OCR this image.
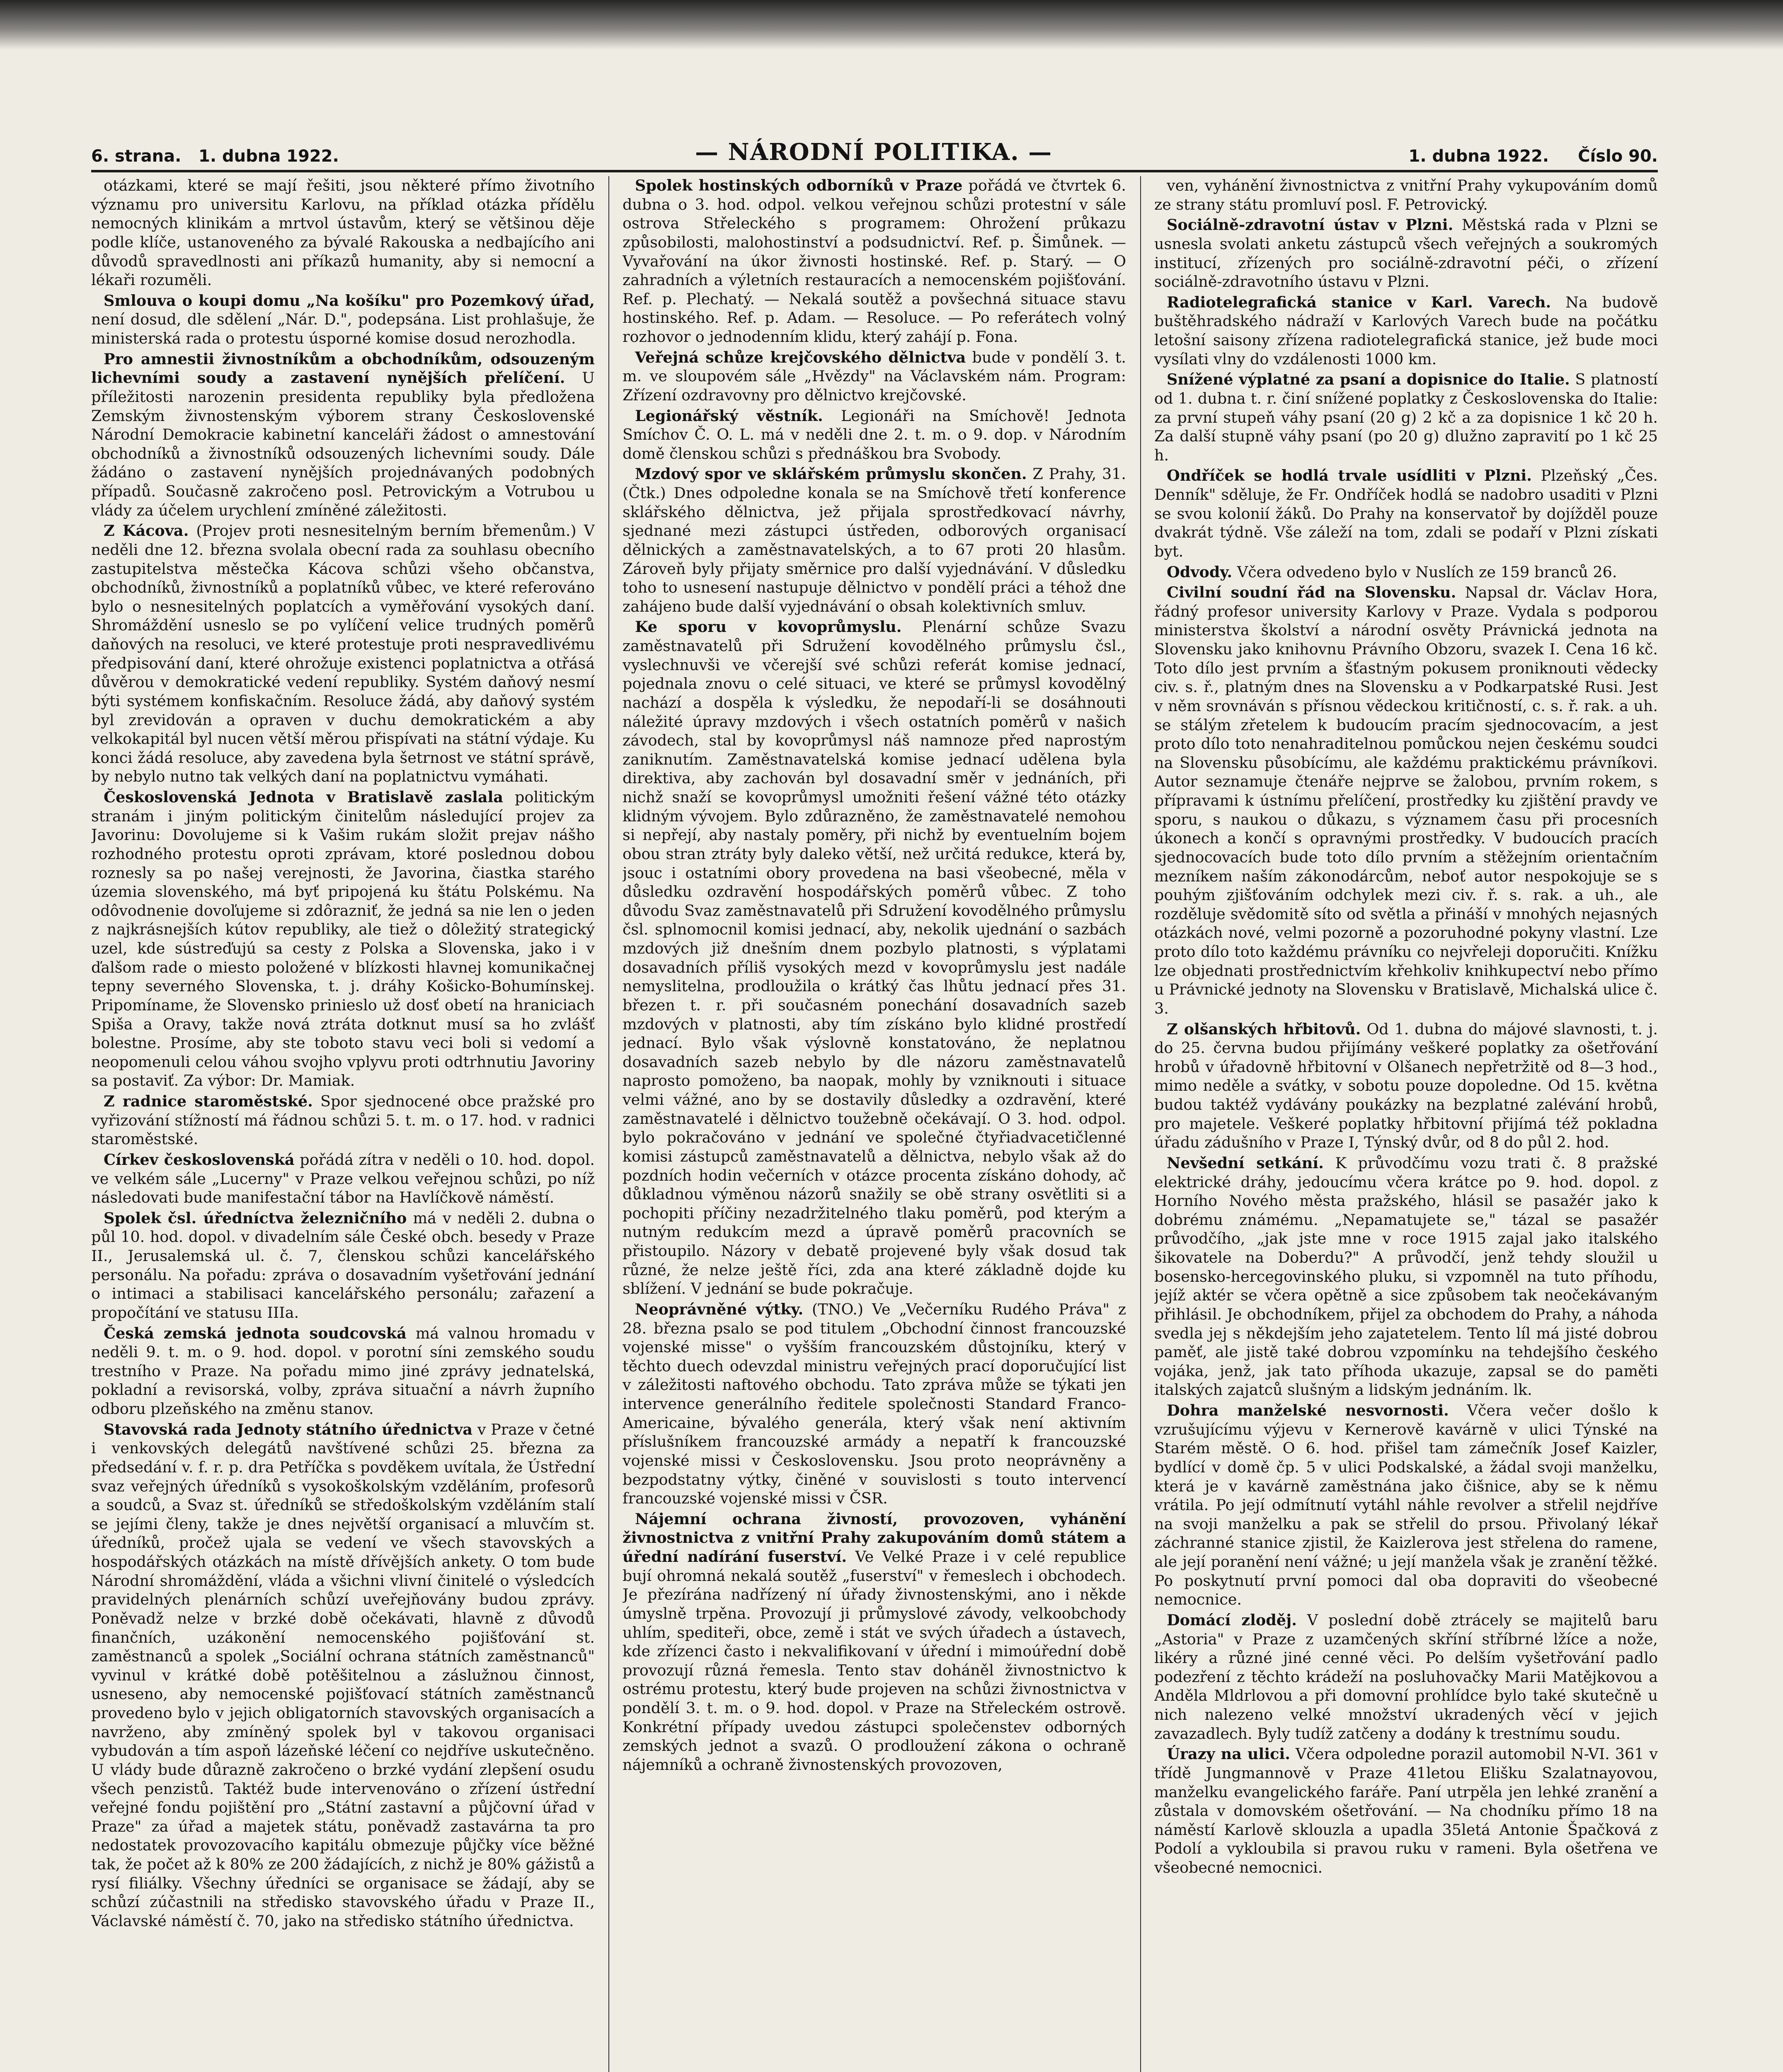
6. strana. 1. dubna 1922.	— NÁRODNÍ POLITIKA. —	1. dubna 1922. Číslo 90.

otázkami, které se mají řešiti, jsou některé přímo životního významu pro universitu Karlovu, na příklad otázka přídělu nemocných klinikám a mrtvol ústavům, který se většinou děje podle klíče, ustanoveného za bývalé Rakouska a nedbajícího ani důvodů spravedlnosti ani příkazů humanity, aby si nemocní a lékaři rozuměli.

Smlouva o koupi domu „Na košíku" pro Pozemkový úřad, není dosud, dle sdělení „Nár. D.", podepsána. List prohlašuje, že ministerská rada o protestu úsporné komise dosud nerozhodla.

Pro amnestii živnostníkům a obchodníkům, odsouzeným lichevními soudy a zastavení nynějších přelíčení. U příležitosti narozenin presidenta republiky byla předložena Zemským živnostenským výborem strany Československé Národní Demokracie kabinetní kanceláři žádost o amnestování obchodníků a živnostníků odsouzených lichevními soudy. Dále žádáno o zastavení nynějších projednávaných podobných případů. Současně zakročeno posl. Petrovickým a Votrubou u vlády za účelem urychlení zmíněné záležitosti.

Z Kácova. (Projev proti nesnesitelným berním břemenům.) V neděli dne 12. března svolala obecní rada za souhlasu obecního zastupitelstva městečka Kácova schůzi všeho občanstva, obchodníků, živnostníků a poplatníků vůbec, ve které referováno bylo o nesnesitelných poplatcích a vyměřování vysokých daní. Shromáždění usneslo se po vylíčení velice trudných poměrů daňových na resoluci, ve které protestuje proti nespravedlivému předpisování daní, které ohrožuje existenci poplatnictva a otřásá důvěrou v demokratické vedení republiky. Systém daňový nesmí býti systémem konfiskačním. Resoluce žádá, aby daňový systém byl zrevidován a opraven v duchu demokratickém a aby velkokapitál byl nucen větší měrou přispívati na státní výdaje. Ku konci žádá resoluce, aby zavedena byla šetrnost ve státní správě, by nebylo nutno tak velkých daní na poplatnictvu vymáhati.

Československá Jednota v Bratislavě zaslala politickým stranám i jiným politickým činitelům následující projev za Javorinu: Dovolujeme si k Vašim rukám složit prejav nášho rozhodného protestu oproti zprávam, ktoré poslednou dobou roznesly sa po našej verejnosti, že Javorina, čiastka starého územia slovenského, má byť pripojená ku štátu Polskému. Na odôvodnenie dovoľujeme si zdôrazniť, že jedná sa nie len o jeden z najkrásnejších kútov republiky, ale tiež o dôležitý strategický uzel, kde sústreďujú sa cesty z Polska a Slovenska, jako i v ďalšom rade o miesto položené v blízkosti hlavnej komunikačnej tepny severného Slovenska, t. j. dráhy Košicko-Bohumínskej. Pripomíname, že Slovensko prinieslo už dosť obetí na hraniciach Spiša a Oravy, takže nová ztráta dotknut musí sa ho zvlášť bolestne. Prosíme, aby ste toboto stavu veci boli si vedomí a neopomenuli celou váhou svojho vplyvu proti odtrhnutiu Javoriny sa postaviť. Za výbor: Dr. Mamiak.

Z radnice staroměstské. Spor sjednocené obce pražské pro vyřizování stížností má řádnou schůzi 5. t. m. o 17. hod. v radnici staroměstské.

Církev československá pořádá zítra v neděli o 10. hod. dopol. ve velkém sále „Lucerny" v Praze velkou veřejnou schůzi, po níž následovati bude manifestační tábor na Havlíčkově náměstí.

Spolek čsl. úředníctva železničního má v neděli 2. dubna o půl 10. hod. dopol. v divadelním sále České obch. besedy v Praze II., Jerusalemská ul. č. 7, členskou schůzi kancelářského personálu. Na pořadu: zpráva o dosavadním vyšetřování jednání o intimaci a stabilisaci kancelářského personálu; zařazení a propočítání ve statusu IIIa.

Česká zemská jednota soudcovská má valnou hromadu v neděli 9. t. m. o 9. hod. dopol. v porotní síni zemského soudu trestního v Praze. Na pořadu mimo jiné zprávy jednatelská, pokladní a revisorská, volby, zpráva situační a návrh župního odboru plzeňského na změnu stanov.

Stavovská rada Jednoty státního úřednictva v Praze v četné i venkovských delegátů navštívené schůzi 25. března za předsedání v. f. r. p. dra Petříčka s povděkem uvítala, že Ústřední svaz veřejných úředníků s vysokoškolským vzděláním, profesorů a soudců, a Svaz st. úředníků se středoškolským vzděláním stalí se jejími členy, takže je dnes největší organisací a mluvčím st. úředníků, pročež ujala se vedení ve všech stavovských a hospodářských otázkách na místě dřívějších ankety. O tom bude Národní shromáždění, vláda a všichni vlivní činitelé o výsledcích pravidelných plenárních schůzí uveřejňovány budou zprávy. Poněvadž nelze v brzké době očekávati, hlavně z důvodů finančních, uzákonění nemocenského pojišťování st. zaměstnanců a spolek „Sociální ochrana státních zaměstnanců" vyvinul v krátké době potěšitelnou a záslužnou činnost, usneseno, aby nemocenské pojišťovací státních zaměstnanců provedeno bylo v jejich obligatorních stavovských organisacích a navrženo, aby zmíněný spolek byl v takovou organisaci vybudován a tím aspoň lázeňské léčení co nejdříve uskutečněno. U vlády bude důrazně zakročeno o brzké vydání zlepšení osudu všech penzistů. Taktéž bude intervenováno o zřízení ústřední veřejné fondu pojištění pro „Státní zastavní a půjčovní úřad v Praze" za úřad a majetek státu, poněvadž zastavárna ta pro nedostatek provozovacího kapitálu obmezuje půjčky více běžné tak, že počet až k 80% ze 200 žádajících, z nichž je 80% gážistů a rysí filiálky. Všechny úředníci se organisace se žádají, aby se schůzí zúčastnili na středisko stavovského úřadu v Praze II., Václavské náměstí č. 70, jako na středisko státního úřednictva.

Spolek hostinských odborníků v Praze pořádá ve čtvrtek 6. dubna o 3. hod. odpol. velkou veřejnou schůzi protestní v sále ostrova Střeleckého s programem: Ohrožení průkazu způsobilosti, malohostinství a podsudnictví. Ref. p. Šimůnek. — Vyvařování na úkor živnosti hostinské. Ref. p. Starý. — O zahradních a výletních restauracích a nemocenském pojišťování. Ref. p. Plechatý. — Nekalá soutěž a povšechná situace stavu hostinského. Ref. p. Adam. — Resoluce. — Po referátech volný rozhovor o jednodenním klidu, který zahájí p. Fona.

Veřejná schůze krejčovského dělnictva bude v pondělí 3. t. m. ve sloupovém sále „Hvězdy" na Václavském nám. Program: Zřízení ozdravovny pro dělnictvo krejčovské.

Legionářský věstník. Legionáři na Smíchově! Jednota Smíchov Č. O. L. má v neděli dne 2. t. m. o 9. dop. v Národním domě členskou schůzi s přednáškou bra Svobody.

Mzdový spor ve sklářském průmyslu skončen. Z Prahy, 31. (Čtk.) Dnes odpoledne konala se na Smíchově třetí konference sklářského dělnictva, jež přijala sprostředkovací návrhy, sjednané mezi zástupci ústředen, odborových organisací dělnických a zaměstnavatelských, a to 67 proti 20 hlasům. Zároveň byly přijaty směrnice pro další vyjednávání. V důsledku toho to usnesení nastupuje dělnictvo v pondělí práci a téhož dne zahájeno bude další vyjednávání o obsah kolektivních smluv.

Ke sporu v kovoprůmyslu. Plenární schůze Svazu zaměstnavatelů při Sdružení kovodělného průmyslu čsl., vyslechnuvši ve včerejší své schůzi referát komise jednací, pojednala znovu o celé situaci, ve které se průmysl kovodělný nachází a dospěla k výsledku, že nepodaří-li se dosáhnouti náležité úpravy mzdových i všech ostatních poměrů v našich závodech, stal by kovoprůmysl náš namnoze před naprostým zaniknutím. Zaměstnavatelská komise jednací udělena byla direktiva, aby zachován byl dosavadní směr v jednáních, při nichž snaží se kovoprůmysl umožniti řešení vážné této otázky klidným vývojem. Bylo zdůrazněno, že zaměstnavatelé nemohou si nepřejí, aby nastaly poměry, při nichž by eventuelním bojem obou stran ztráty byly daleko větší, než určitá redukce, která by, jsouc i ostatními obory provedena na basi všeobecné, měla v důsledku ozdravění hospodářských poměrů vůbec. Z toho důvodu Svaz zaměstnavatelů při Sdružení kovodělného průmyslu čsl. splnomocnil komisi jednací, aby, nekolik ujednání o sazbách mzdových již dnešním dnem pozbylo platnosti, s výplatami dosavadních příliš vysokých mezd v kovoprůmyslu jest nadále nemyslitelna, prodloužila o krátký čas lhůtu jednací přes 31. březen t. r. při současném ponechání dosavadních sazeb mzdových v platnosti, aby tím získáno bylo klidné prostředí jednací. Bylo však výslovně konstatováno, že neplatnou dosavadních sazeb nebylo by dle názoru zaměstnavatelů naprosto pomoženo, ba naopak, mohly by vzniknouti i situace velmi vážné, ano by se dostavily důsledky a ozdravění, které zaměstnavatelé i dělnictvo toužebně očekávají. O 3. hod. odpol. bylo pokračováno v jednání ve společné čtyřiadvacetičlenné komisi zástupců zaměstnavatelů a dělnictva, nebylo však až do pozdních hodin večerních v otázce procenta získáno dohody, ač důkladnou výměnou názorů snažily se obě strany osvětliti si a pochopiti příčiny nezadržitelného tlaku poměrů, pod kterým a nutným redukcím mezd a úpravě poměrů pracovních se přistoupilo. Názory v debatě projevené byly však dosud tak různé, že nelze ještě říci, zda ana které základně dojde ku sblížení. V jednání se bude pokračuje.

Neoprávněné výtky. (TNO.) Ve „Večerníku Rudého Práva" z 28. března psalo se pod titulem „Obchodní činnost francouzské vojenské misse" o vyšším francouzském důstojníku, který v těchto duech odevzdal ministru veřejných prací doporučující list v záležitosti naftového obchodu. Tato zpráva může se týkati jen intervence generálního ředitele společnosti Standard Franco-Americaine, bývalého generála, který však není aktivním příslušníkem francouzské armády a nepatří k francouzské vojenské missi v Československu. Jsou proto neoprávněny a bezpodstatny výtky, činěné v souvislosti s touto intervencí francouzské vojenské missi v ČSR.

Nájemní ochrana živností, provozoven, vyhánění živnostnictva z vnitřní Prahy zakupováním domů státem a úřední nadírání fuserství. Ve Velké Praze i v celé republice bují ohromná nekalá soutěž „fuserství" v řemeslech i obchodech. Je přezírána nadřízený ní úřady živnostenskými, ano i někde úmyslně trpěna. Provozují ji průmyslové závody, velkoobchody uhlím, spediteři, obce, země i stát ve svých úřadech a ústavech, kde zřízenci často i nekvalifikovaní v úřední i mimoúřední době provozují různá řemesla. Tento stav doháněl živnostnictvo k ostrému protestu, který bude projeven na schůzi živnostnictva v pondělí 3. t. m. o 9. hod. dopol. v Praze na Střeleckém ostrově. Konkrétní případy uvedou zástupci společenstev odborných zemských jednot a svazů. O prodloužení zákona o ochraně nájemníků a ochraně živnostenských provozoven,

ven, vyhánění živnostnictva z vnitřní Prahy vykupováním domů ze strany státu promluví posl. F. Petrovický.

Sociálně-zdravotní ústav v Plzni. Městská rada v Plzni se usnesla svolati anketu zástupců všech veřejných a soukromých institucí, zřízených pro sociálně-zdravotní péči, o zřízení sociálně-zdravotního ústavu v Plzni.

Radiotelegrafická stanice v Karl. Varech. Na budově buštěhradského nádraží v Karlových Varech bude na počátku letošní saisony zřízena radiotelegrafická stanice, jež bude moci vysílati vlny do vzdálenosti 1000 km.

Snížené výplatné za psaní a dopisnice do Italie. S platností od 1. dubna t. r. činí snížené poplatky z Československa do Italie: za první stupeň váhy psaní (20 g) 2 kč a za dopisnice 1 kč 20 h. Za další stupně váhy psaní (po 20 g) dlužno zapravití po 1 kč 25 h.

Ondříček se hodlá trvale usídliti v Plzni. Plzeňský „Čes. Denník" sděluje, že Fr. Ondříček hodlá se nadobro usaditi v Plzni se svou kolonií žáků. Do Prahy na konservatoř by dojížděl pouze dvakrát týdně. Vše záleží na tom, zdali se podaří v Plzni získati byt.

Odvody. Včera odvedeno bylo v Nuslích ze 159 branců 26.

Civilní soudní řád na Slovensku. Napsal dr. Václav Hora, řádný profesor university Karlovy v Praze. Vydala s podporou ministerstva školství a národní osvěty Právnická jednota na Slovensku jako knihovnu Právního Obzoru, svazek I. Cena 16 kč. Toto dílo jest prvním a šťastným pokusem proniknouti vědecky civ. s. ř., platným dnes na Slovensku a v Podkarpatské Rusi. Jest v něm srovnáván s přísnou vědeckou kritičností, c. s. ř. rak. a uh. se stálým zřetelem k budoucím pracím sjednocovacím, a jest proto dílo toto nenahraditelnou pomůckou nejen českému soudci na Slovensku působícímu, ale každému praktickému právníkovi. Autor seznamuje čtenáře nejprve se žalobou, prvním rokem, s přípravami k ústnímu přelíčení, prostředky ku zjištění pravdy ve sporu, s naukou o důkazu, s významem času při procesních úkonech a končí s opravnými prostředky. V budoucích pracích sjednocovacích bude toto dílo prvním a stěžejním orientačním mezníkem naším zákonodárcům, neboť autor nespokojuje se s pouhým zjišťováním odchylek mezi civ. ř. s. rak. a uh., ale rozděluje svědomitě síto od světla a přináší v mnohých nejasných otázkách nové, velmi pozorně a pozoruhodné pokyny vlastní. Lze proto dílo toto každému právníku co nejvřeleji doporučiti. Knížku lze objednati prostřednictvím křehkoliv knihkupectví nebo přímo u Právnické jednoty na Slovensku v Bratislavě, Michalská ulice č. 3.

Z olšanských hřbitovů. Od 1. dubna do májové slavnosti, t. j. do 25. června budou přijímány veškeré poplatky za ošetřování hrobů v úřadovně hřbitovní v Olšanech nepřetržitě od 8—3 hod., mimo neděle a svátky, v sobotu pouze dopoledne. Od 15. května budou taktéž vydávány poukázky na bezplatné zalévání hrobů, pro majetele. Veškeré poplatky hřbitovní přijímá též pokladna úřadu zádušního v Praze I, Týnský dvůr, od 8 do půl 2. hod.

Nevšední setkání. K průvodčímu vozu trati č. 8 pražské elektrické dráhy, jedoucímu včera krátce po 9. hod. dopol. z Horního Nového města pražského, hlásil se pasažér jako k dobrému známému. „Nepamatujete se," tázal se pasažér průvodčího, „jak jste mne v roce 1915 zajal jako italského šikovatele na Doberdu?" A průvodčí, jenž tehdy sloužil u bosensko-hercegovinského pluku, si vzpomněl na tuto příhodu, jejíž aktér se včera opětně a sice způsobem tak neočekávaným přihlásil. Je obchodníkem, přijel za obchodem do Prahy, a náhoda svedla jej s někdejším jeho zajatetelem. Tento líl má jisté dobrou paměť, ale jistě také dobrou vzpomínku na tehdejšího českého vojáka, jenž, jak tato příhoda ukazuje, zapsal se do paměti italských zajatců slušným a lidským jednáním. lk.

Dohra manželské nesvornosti. Včera večer došlo k vzrušujícímu výjevu v Kernerově kavárně v ulici Týnské na Starém městě. O 6. hod. přišel tam zámečník Josef Kaizler, bydlící v domě čp. 5 v ulici Podskalské, a žádal svoji manželku, která je v kavárně zaměstnána jako čišnice, aby se k němu vrátila. Po její odmítnutí vytáhl náhle revolver a střelil nejdříve na svoji manželku a pak se střelil do prsou. Přivolaný lékař záchranné stanice zjistil, že Kaizlerova jest střelena do ramene, ale její poranění není vážné; u její manžela však je zranění těžké. Po poskytnutí první pomoci dal oba dopraviti do všeobecné nemocnice.

Domácí zloděj. V poslední době ztrácely se majitelů baru „Astoria" v Praze z uzamčených skříní stříbrné lžíce a nože, likéry a různé jiné cenné věci. Po delším vyšetřování padlo podezření z těchto krádeží na posluhovačky Marii Matějkovou a Anděla Mldrlovou a při domovní prohlídce bylo také skutečně u nich nalezeno velké množství ukradených věcí v jejich zavazadlech. Byly tudíž zatčeny a dodány k trestnímu soudu.

Úrazy na ulici. Včera odpoledne porazil automobil N-VI. 361 v třídě Jungmannově v Praze 41letou Elišku Szalatnayovou, manželku evangelického faráře. Paní utrpěla jen lehké zranění a zůstala v domovském ošetřování. — Na chodníku přímo 18 na náměstí Karlově sklouzla a upadla 35letá Antonie Špačková z Podolí a vykloubila si pravou ruku v rameni. Byla ošetřena ve všeobecné nemocnici.
